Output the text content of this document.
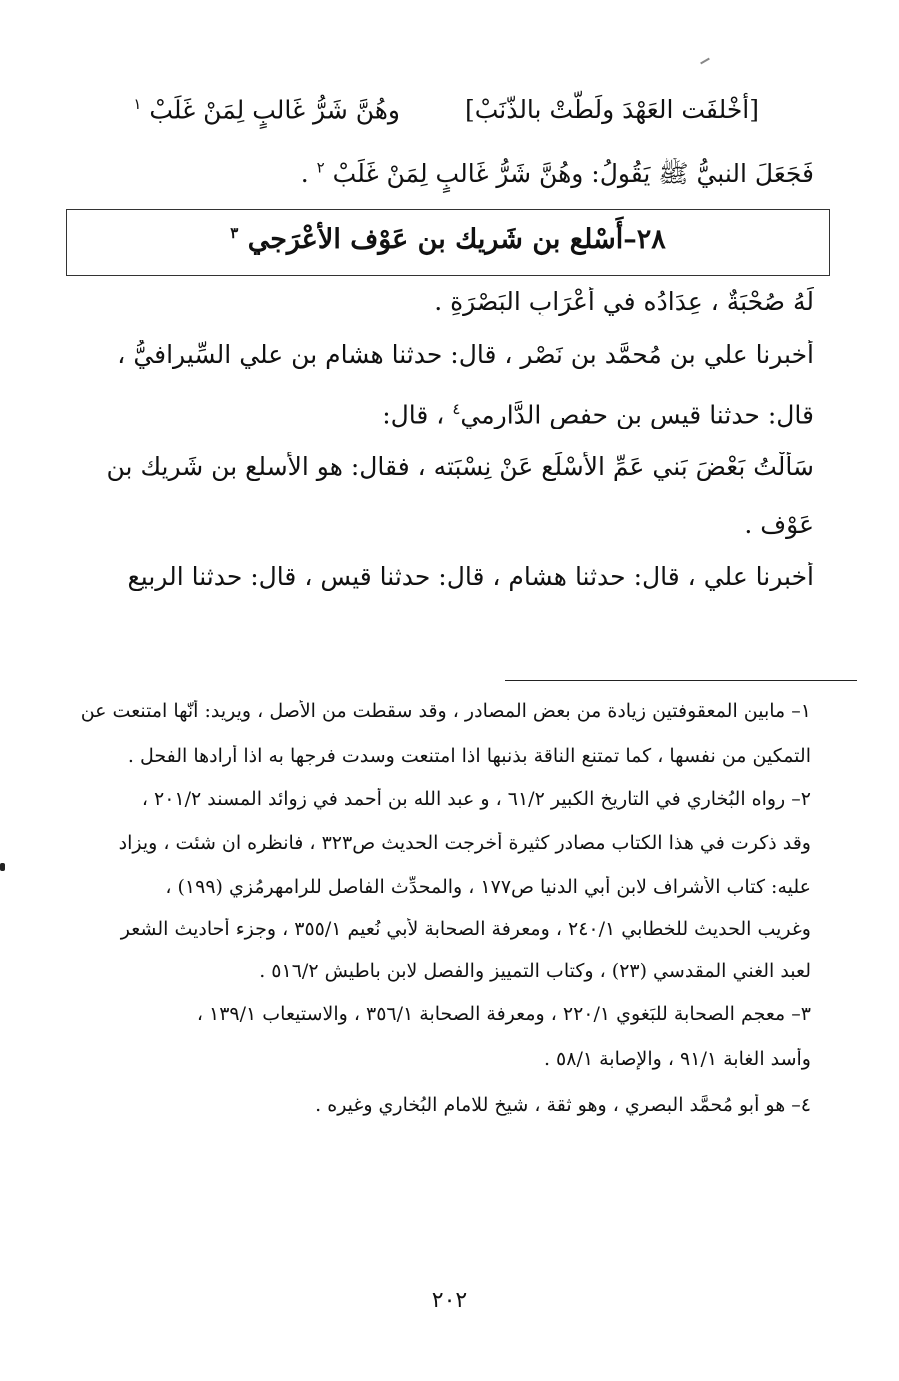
[أخْلفَت العَهْدَ ولَطّتْ بالذّنَبْ]
وهُنَّ شَرُّ غَالبٍ لِمَنْ غَلَبْ $^١$
فَجَعَلَ النبيُّ ﷺ يَقُولُ: وهُنَّ شَرُّ غَالبٍ لِمَنْ غَلَبْ $^٢$ .
٢٨–أَسْلع بن شَريك بن عَوْف الأعْرَجي $^٣$
لَهُ صُحْبَةٌ ، عِدَادُه في أعْرَابِ البَصْرَةِ .
أخبرنا علي بن مُحمَّد بن نَصْر ، قال: حدثنا هشام بن علي السِّيرافيُّ ،
قال: حدثنا قيس بن حفص الدَّارمي$^٤$ ، قال:
سَأَلْتُ بَعْضَ بَني عَمِّ الأَسْلَعِ عَنْ نِسْبَته ، فقال: هو الأسلع بن شَرِيك بن
عَوْف .
أخبرنا علي ، قال: حدثنا هشام ، قال: حدثنا قيس ، قال: حدثنا الربيع
١– مابين المعقوفتين زيادة من بعض المصادر ، وقد سقطت من الأصل ، ويريد: أنّها امتنعت عن
التمكين من نفسها ، كما تمتنع الناقة بذنبها اذا امتنعت وسدت فرجها به اذا أرادها الفحل .
٢– رواه البُخاري في التاريخ الكبير ٦١/٢ ، و عبد الله بن أحمد في زوائد المسند ٢٠١/٢ ،
وقد ذكرت في هذا الكتاب مصادر كثيرة أخرجت الحديث ص٣٢٣ ، فانظره ان شئت ، ويزاد
عليه: كتاب الأشراف لابن أبي الدنيا ص١٧٧ ، والمحدِّث الفاصل للرامهرمُزي (١٩٩) ،
وغريب الحديث للخطابي ٢٤٠/١ ، ومعرفة الصحابة لأبي نُعيم ٣٥٥/١ ، وجزء أحاديث الشعر
لعبد الغني المقدسي (٢٣) ، وكتاب التمييز والفصل لابن باطيش ٥١٦/٢ .
٣– معجم الصحابة للبَغوي ٢٢٠/١ ، ومعرفة الصحابة ٣٥٦/١ ، والاستيعاب ١٣٩/١ ،
وأُسد الغابة ٩١/١ ، والإصابة ٥٨/١ .
٤– هو أبو مُحمَّد البصري ، وهو ثقة ، شيخ للامام البُخاري وغيره .
٢٠٢
